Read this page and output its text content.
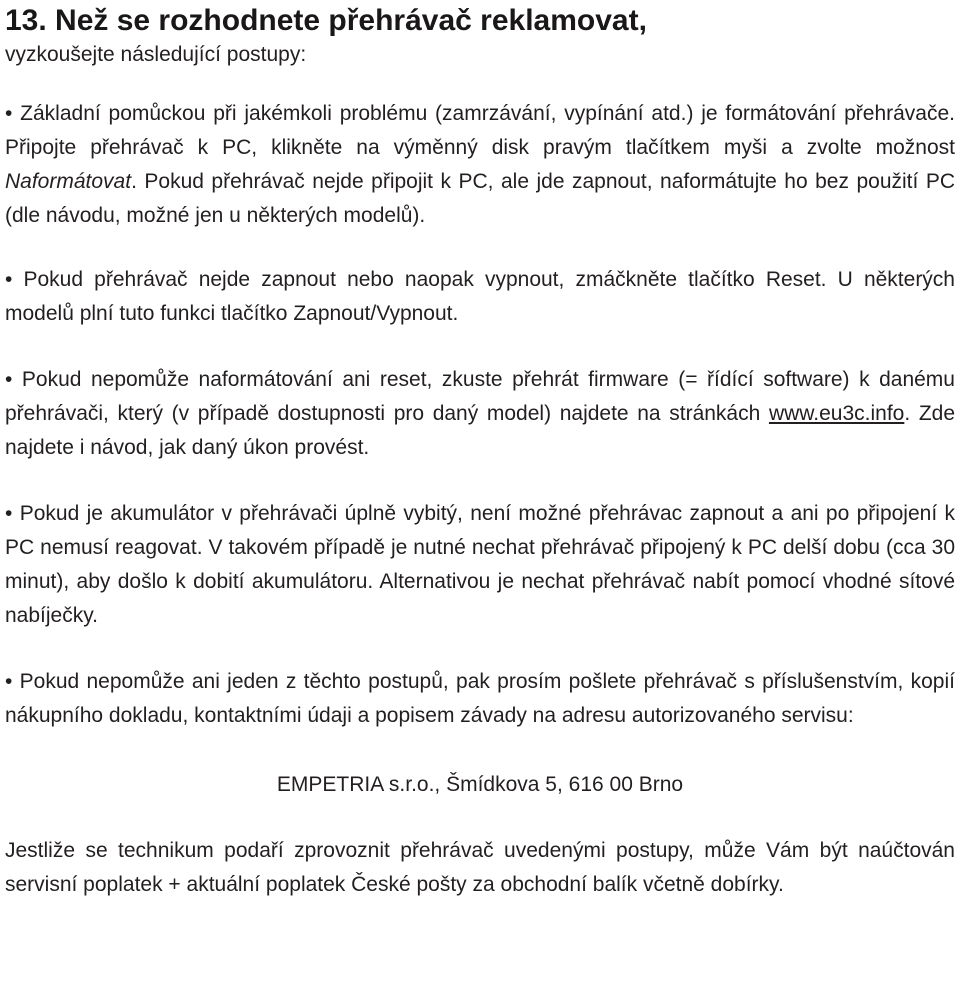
13. Než se rozhodnete přehrávač reklamovat,

vyzkoušejte následující postupy:

• Základní pomůckou při jakémkoli problému (zamrzávání, vypínání atd.) je formátování přehrávače. Připojte přehrávač k PC, klikněte na výměnný disk pravým tlačítkem myši a zvolte možnost Naformátovat. Pokud přehrávač nejde připojit k PC, ale jde zapnout, naformátujte ho bez použití PC (dle návodu, možné jen u některých modelů).

• Pokud přehrávač nejde zapnout nebo naopak vypnout, zmáčkněte tlačítko Reset. U některých modelů plní tuto funkci tlačítko Zapnout/Vypnout.

• Pokud nepomůže naformátování ani reset, zkuste přehrát firmware (= řídící software) k danému přehrávači, který (v případě dostupnosti pro daný model) najdete na stránkách www.eu3c.info. Zde najdete i návod, jak daný úkon provést.

• Pokud je akumulátor v přehrávači úplně vybitý, není možné přehrávac zapnout a ani po připojení k PC nemusí reagovat. V takovém případě je nutné nechat přehrávač připojený k PC delší dobu (cca 30 minut), aby došlo k dobití akumulátoru. Alternativou je nechat přehrávač nabít pomocí vhodné sítové nabíječky.

• Pokud nepomůže ani jeden z těchto postupů, pak prosím pošlete přehrávač s příslušenstvím, kopií nákupního dokladu, kontaktními údaji a popisem závady na adresu autorizovaného servisu:

EMPETRIA s.r.o., Šmídkova 5, 616 00 Brno

Jestliže se technikum podaří zprovoznit přehrávač uvedenými postupy, může Vám být naúčtován servisní poplatek + aktuální poplatek České pošty za obchodní balík včetně dobírky.
